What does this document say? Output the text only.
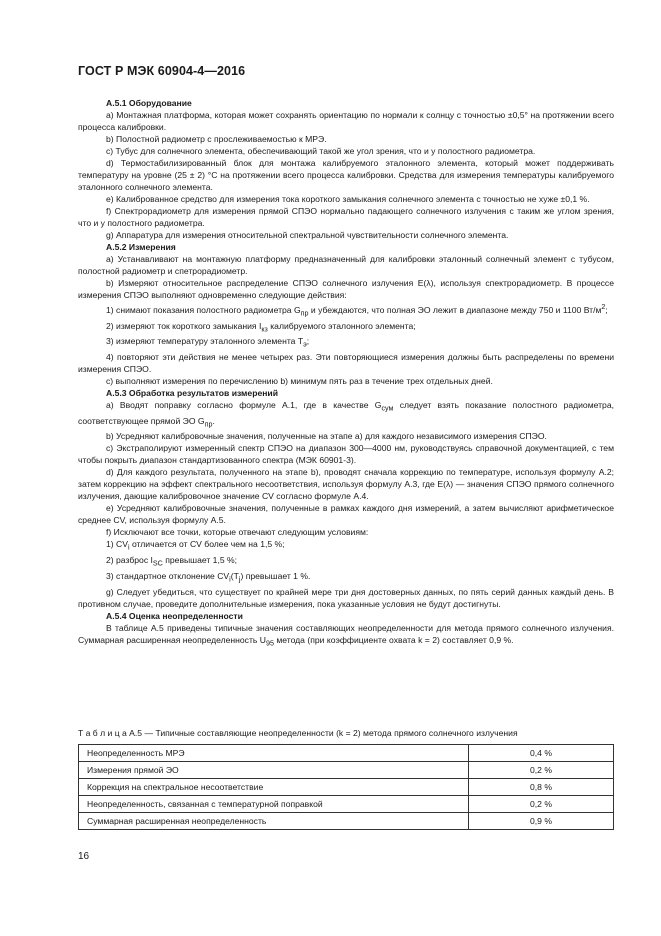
ГОСТ Р МЭК 60904-4—2016

А.5.1 Оборудование

а) Монтажная платформа, которая может сохранять ориентацию по нормали к солнцу с точностью ±0,5° на протяжении всего процесса калибровки.

b) Полостной радиометр с прослеживаемостью к МРЭ.

c) Тубус для солнечного элемента, обеспечивающий такой же угол зрения, что и у полостного радиометра.

d) Термостабилизированный блок для монтажа калибруемого эталонного элемента, который может поддерживать температуру на уровне (25 ± 2) °С на протяжении всего процесса калибровки. Средства для измерения температуры калибруемого эталонного солнечного элемента.

e) Калиброванное средство для измерения тока короткого замыкания солнечного элемента с точностью не хуже ±0,1 %.

f) Спектрорадиометр для измерения прямой СПЭО нормально падающего солнечного излучения с таким же углом зрения, что и у полостного радиометра.

g) Аппаратура для измерения относительной спектральной чувствительности солнечного элемента.

А.5.2 Измерения

а) Устанавливают на монтажную платформу предназначенный для калибровки эталонный солнечный элемент с тубусом, полостной радиометр и спетрорадиометр.

b) Измеряют относительное распределение СПЭО солнечного излучения E(λ), используя спектрорадиометр. В процессе измерения СПЭО выполняют одновременно следующие действия:

1) снимают показания полостного радиометра $G_{пр}$ и убеждаются, что полная ЭО лежит в диапазоне между 750 и 1100 $Вт/м^2$;

2) измеряют ток короткого замыкания $I_{кз}$ калибруемого эталонного элемента;

3) измеряют температуру эталонного элемента $T_э$;

4) повторяют эти действия не менее четырех раз. Эти повторяющиеся измерения должны быть распределены по времени измерения СПЭО.

c) выполняют измерения по перечислению b) минимум пять раз в течение трех отдельных дней.

А.5.3 Обработка результатов измерений

а) Вводят поправку согласно формуле А.1, где в качестве $G_{сум}$ следует взять показание полостного радиометра, соответствующее прямой ЭО $G_{пр}$.

b) Усредняют калибровочные значения, полученные на этапе а) для каждого независимого измерения СПЭО.

c) Экстраполируют измеренный спектр СПЭО на диапазон 300—4000 нм, руководствуясь справочной документацией, с тем чтобы покрыть диапазон стандартизованного спектра (МЭК 60901-3).

d) Для каждого результата, полученного на этапе b), проводят сначала коррекцию по температуре, используя формулу А.2; затем коррекцию на эффект спектрального несоответствия, используя формулу А.3, где E(λ) — значения СПЭО прямого солнечного излучения, дающие калибровочное значение CV согласно формуле А.4.

e) Усредняют калибровочные значения, полученные в рамках каждого дня измерений, а затем вычисляют арифметическое среднее CV, используя формулу А.5.

f) Исключают все точки, которые отвечают следующим условиям:

1) $CV_i$ отличается от CV более чем на 1,5 %;

2) разброс $I_{SC}$ превышает 1,5 %;

3) стандартное отклонение $CV_i(T_j)$ превышает 1 %.

g) Следует убедиться, что существует по крайней мере три дня достоверных данных, по пять серий данных каждый день. В противном случае, проведите дополнительные измерения, пока указанные условия не будут достигнуты.

А.5.4 Оценка неопределенности

В таблице А.5 приведены типичные значения составляющих неопределенности для метода прямого солнечного излучения. Суммарная расширенная неопределенность $U_{95}$ метода (при коэффициенте охвата k = 2) составляет 0,9 %.

Т а б л и ц а А.5 — Типичные составляющие неопределенности (k = 2) метода прямого солнечного излучения
Неопределенность МРЭ	0,4 %
Измерения прямой ЭО	0,2 %
Коррекция на спектральное несоответствие	0,8 %
Неопределенность, связанная с температурной поправкой	0,2 %
Суммарная расширенная неопределенность	0,9 %
16
